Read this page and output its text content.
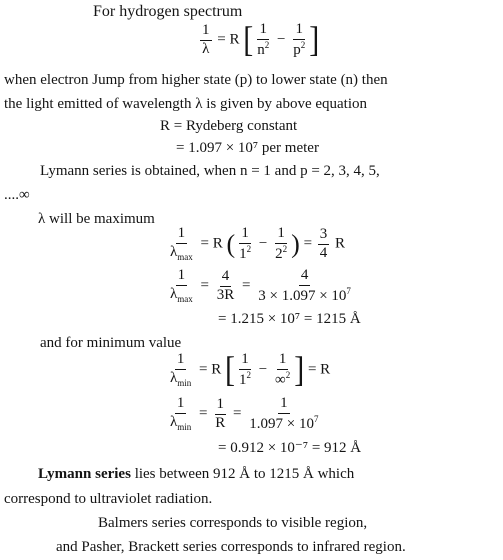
For hydrogen spectrum
$\frac{1}{\lambda} = R$ [ $\frac{1}{n^2} - \frac{1}{p^2}$ ]
when electron Jump from higher state (p) to lower state (n) then
the light emitted of wavelength λ is given by above equation
R = Rydeberg constant
= 1.097 × 10⁷ per meter
Lymann series is obtained, when n = 1 and p = 2, 3, 4, 5,
....∞
λ will be maximum
$\frac{1}{\lambda_{max}} = R$ ( $\frac{1}{1^2} - \frac{1}{2^2}$ ) = $\frac{3}{4}$ R
$\frac{1}{\lambda_{max}} = \frac{4}{3R} = \frac{4}{3 \times 1.097 \times 10^7}$
= 1.215 × 10⁷ = 1215 Å
and for minimum value
$\frac{1}{\lambda_{min}} = R$ [ $\frac{1}{1^2} - \frac{1}{\infty^2}$ ] = R
$\frac{1}{\lambda_{min}} = \frac{1}{R} = \frac{1}{1.097 \times 10^7}$
= 0.912 × 10⁻⁷ = 912 Å
Lymann series lies between 912 Å to 1215 Å which
correspond to ultraviolet radiation.
Balmers series corresponds to visible region,
and Pasher, Brackett series corresponds to infrared region.
